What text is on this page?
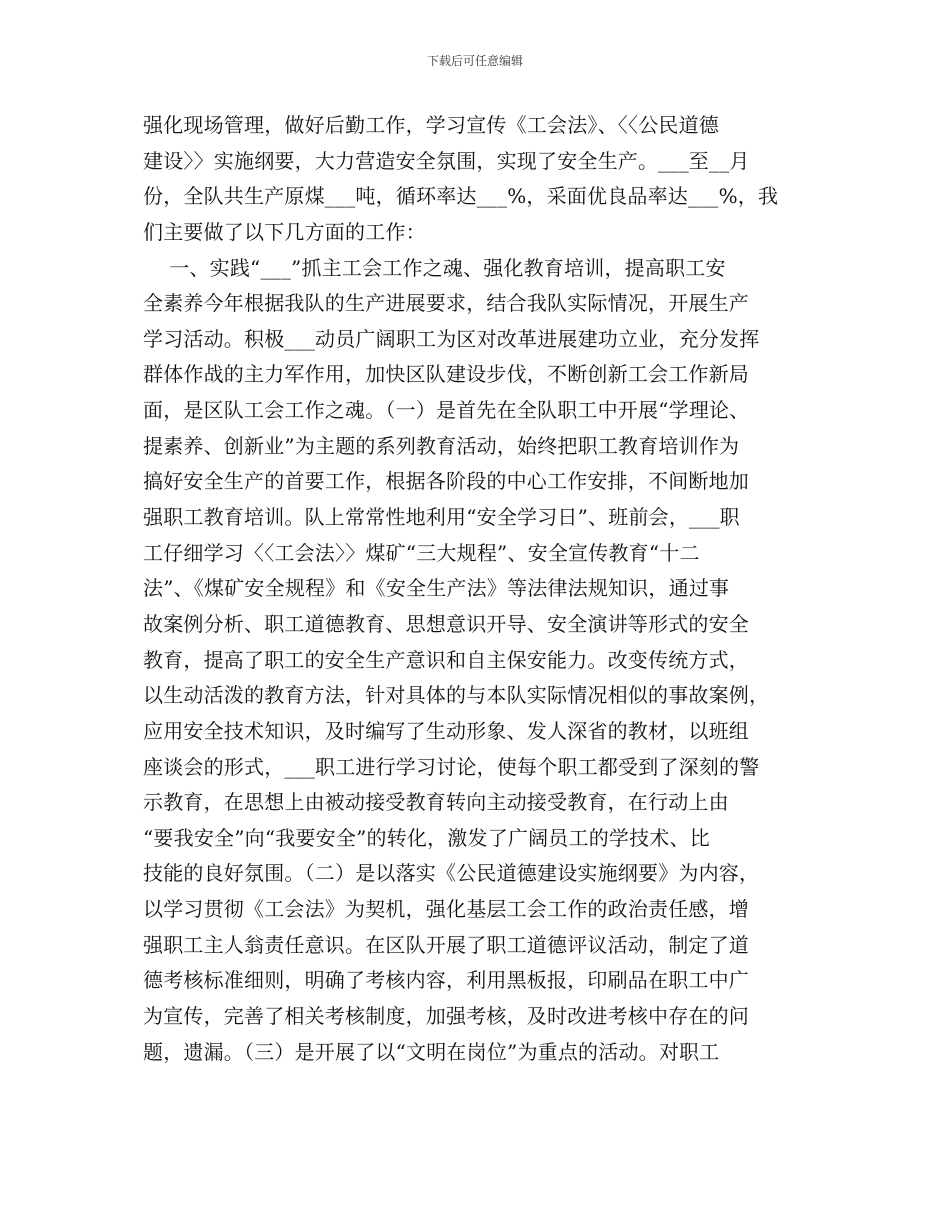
下载后可任意编辑
强化现场管理，做好后勤工作，学习宣传《工会法》、〈〈公民道德
建设〉〉实施纲要，大力营造安全氛围，实现了安全生产。___至__月
份，全队共生产原煤___吨，循环率达___%，采面优良品率达___%，我
们主要做了以下几方面的工作：
一、实践“___”抓主工会工作之魂、强化教育培训，提高职工安
全素养今年根据我队的生产进展要求，结合我队实际情况，开展生产
学习活动。积极___动员广阔职工为区对改革进展建功立业，充分发挥
群体作战的主力军作用，加快区队建设步伐，不断创新工会工作新局
面，是区队工会工作之魂。（一）是首先在全队职工中开展“学理论、
提素养、创新业”为主题的系列教育活动，始终把职工教育培训作为
搞好安全生产的首要工作，根据各阶段的中心工作安排，不间断地加
强职工教育培训。队上常常性地利用“安全学习日”、班前会，___职
工仔细学习〈〈工会法〉〉煤矿“三大规程”、安全宣传教育“十二
法”、《煤矿安全规程》和《安全生产法》等法律法规知识，通过事
故案例分析、职工道德教育、思想意识开导、安全演讲等形式的安全
教育，提高了职工的安全生产意识和自主保安能力。改变传统方式，
以生动活泼的教育方法，针对具体的与本队实际情况相似的事故案例，
应用安全技术知识，及时编写了生动形象、发人深省的教材，以班组
座谈会的形式，___职工进行学习讨论，使每个职工都受到了深刻的警
示教育，在思想上由被动接受教育转向主动接受教育，在行动上由
“要我安全”向“我要安全”的转化，激发了广阔员工的学技术、比
技能的良好氛围。（二）是以落实《公民道德建设实施纲要》为内容，
以学习贯彻《工会法》为契机，强化基层工会工作的政治责任感，增
强职工主人翁责任意识。在区队开展了职工道德评议活动，制定了道
德考核标准细则，明确了考核内容，利用黑板报，印刷品在职工中广
为宣传，完善了相关考核制度，加强考核，及时改进考核中存在的问
题，遗漏。（三）是开展了以“文明在岗位”为重点的活动。对职工
